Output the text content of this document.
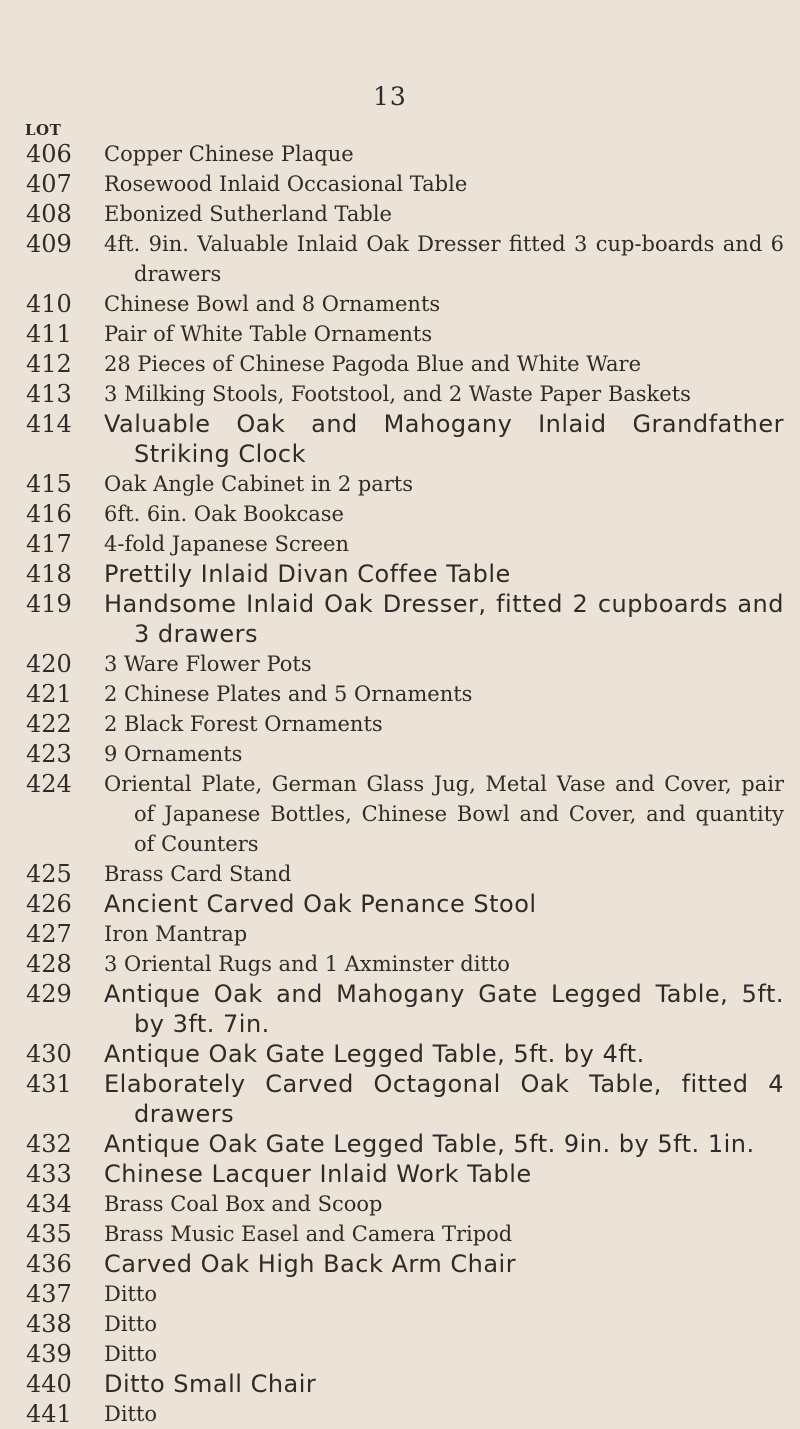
13
LOT
406 Copper Chinese Plaque
407 Rosewood Inlaid Occasional Table
408 Ebonized Sutherland Table
409 4ft. 9in. Valuable Inlaid Oak Dresser fitted 3 cup-boards and 6 drawers
410 Chinese Bowl and 8 Ornaments
411 Pair of White Table Ornaments
412 28 Pieces of Chinese Pagoda Blue and White Ware
413 3 Milking Stools, Footstool, and 2 Waste Paper Baskets
414 Valuable Oak and Mahogany Inlaid Grandfather Striking Clock
415 Oak Angle Cabinet in 2 parts
416 6ft. 6in. Oak Bookcase
417 4-fold Japanese Screen
418 Prettily Inlaid Divan Coffee Table
419 Handsome Inlaid Oak Dresser, fitted 2 cupboards and 3 drawers
420 3 Ware Flower Pots
421 2 Chinese Plates and 5 Ornaments
422 2 Black Forest Ornaments
423 9 Ornaments
424 Oriental Plate, German Glass Jug, Metal Vase and Cover, pair of Japanese Bottles, Chinese Bowl and Cover, and quantity of Counters
425 Brass Card Stand
426 Ancient Carved Oak Penance Stool
427 Iron Mantrap
428 3 Oriental Rugs and 1 Axminster ditto
429 Antique Oak and Mahogany Gate Legged Table, 5ft. by 3ft. 7in.
430 Antique Oak Gate Legged Table, 5ft. by 4ft.
431 Elaborately Carved Octagonal Oak Table, fitted 4 drawers
432 Antique Oak Gate Legged Table, 5ft. 9in. by 5ft. 1in.
433 Chinese Lacquer Inlaid Work Table
434 Brass Coal Box and Scoop
435 Brass Music Easel and Camera Tripod
436 Carved Oak High Back Arm Chair
437 Ditto
438 Ditto
439 Ditto
440 Ditto Small Chair
441 Ditto
